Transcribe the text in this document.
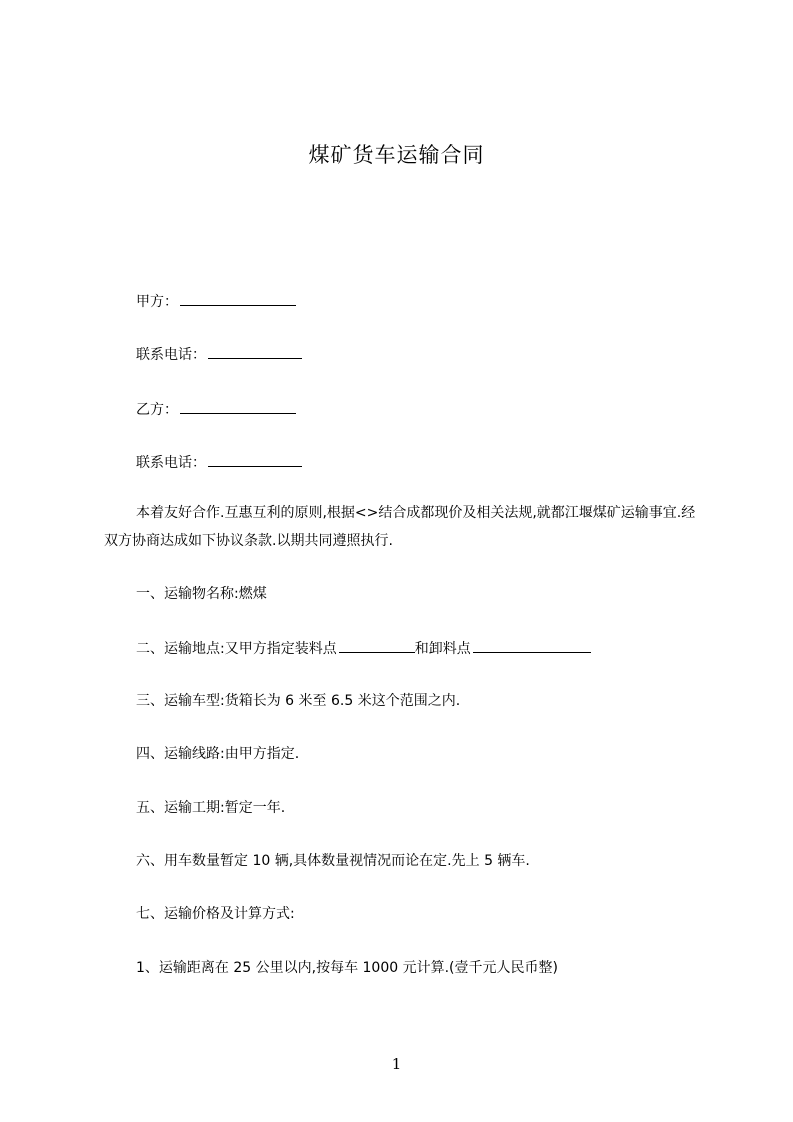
煤矿货车运输合同
甲方：
联系电话：
乙方：
联系电话：
本着友好合作.互惠互利的原则,根据<>结合成都现价及相关法规,就都江堰煤矿运输事宜.经双方协商达成如下协议条款.以期共同遵照执行.
一、运输物名称:燃煤
二、运输地点:又甲方指定装料点	和卸料点
三、运输车型:货箱长为 6 米至 6.5 米这个范围之内.
四、运输线路:由甲方指定.
五、运输工期:暂定一年.
六、用车数量暂定 10 辆,具体数量视情况而论在定.先上 5 辆车.
七、运输价格及计算方式:
1、运输距离在 25 公里以内,按每车 1000 元计算.(壹千元人民币整)
1
